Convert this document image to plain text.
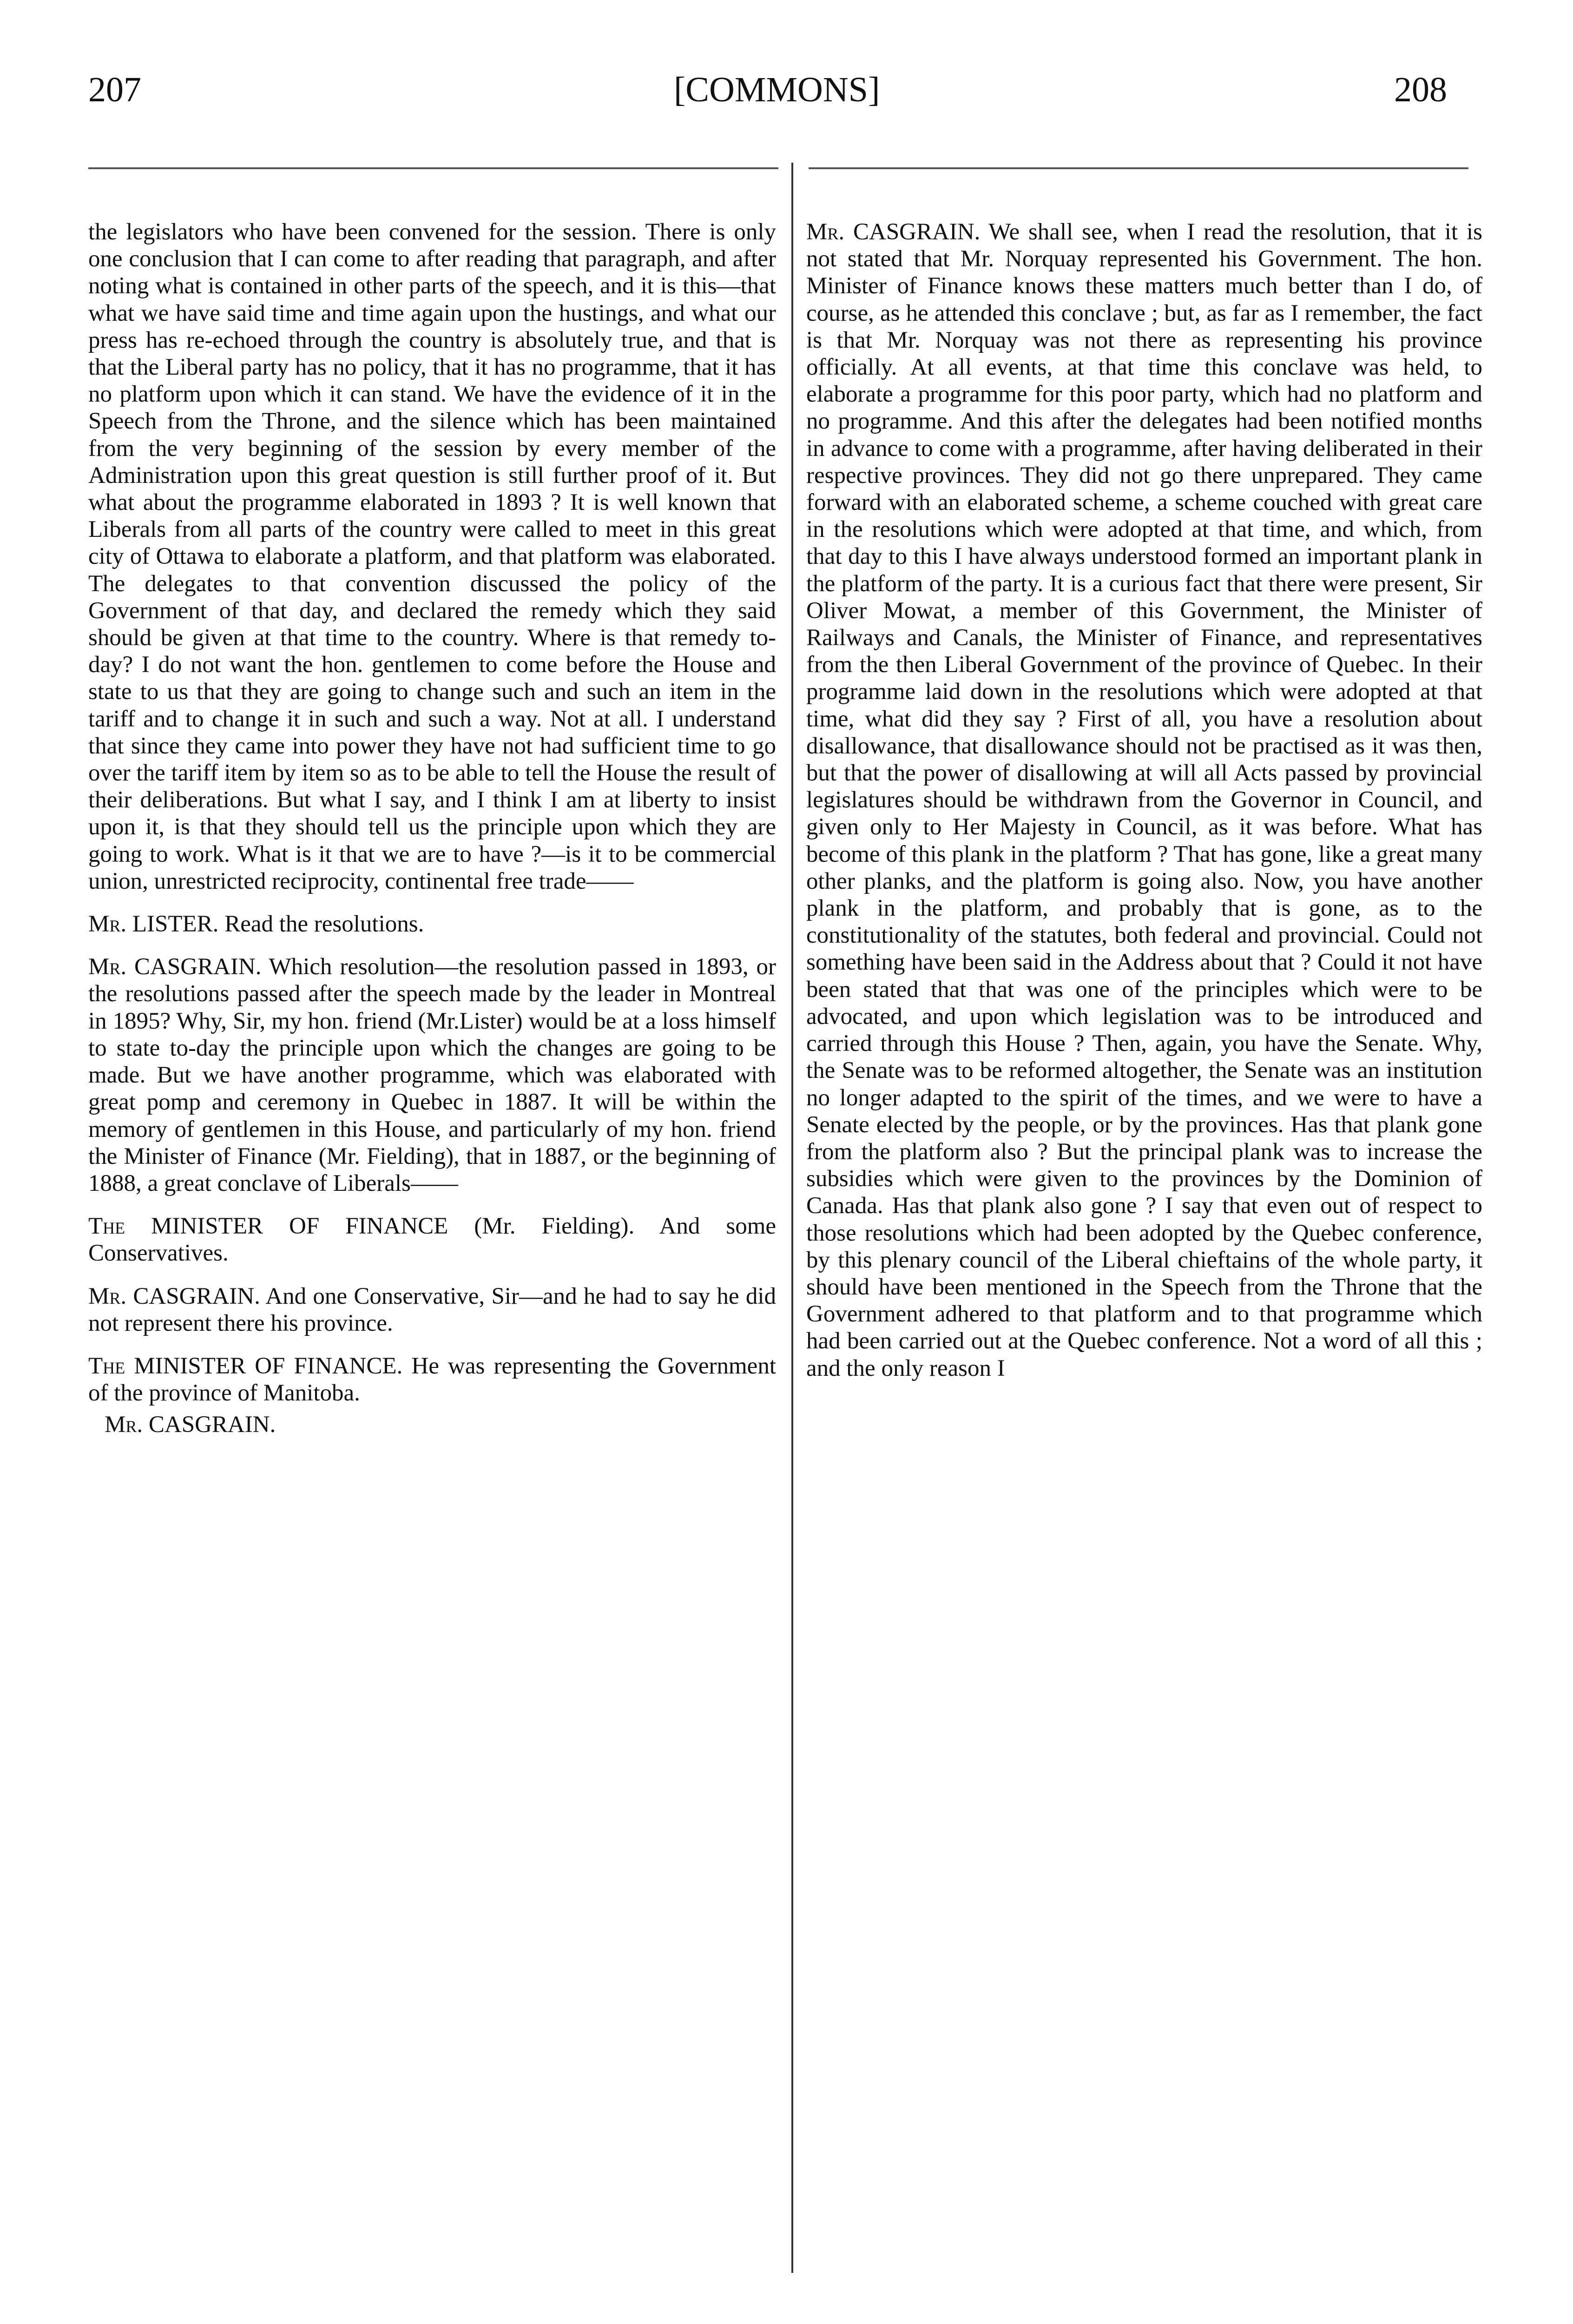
207	[COMMONS]	208

the legislators who have been convened for the session. There is only one conclusion that I can come to after reading that paragraph, and after noting what is contained in other parts of the speech, and it is this—that what we have said time and time again upon the hustings, and what our press has re-echoed through the country is absolutely true, and that is that the Liberal party has no policy, that it has no programme, that it has no platform upon which it can stand. We have the evidence of it in the Speech from the Throne, and the silence which has been maintained from the very beginning of the session by every member of the Administration upon this great question is still further proof of it. But what about the programme elaborated in 1893 ? It is well known that Liberals from all parts of the country were called to meet in this great city of Ottawa to elaborate a platform, and that platform was elaborated. The delegates to that convention discussed the policy of the Government of that day, and declared the remedy which they said should be given at that time to the country. Where is that remedy to-day? I do not want the hon. gentlemen to come before the House and state to us that they are going to change such and such an item in the tariff and to change it in such and such a way. Not at all. I understand that since they came into power they have not had sufficient time to go over the tariff item by item so as to be able to tell the House the result of their deliberations. But what I say, and I think I am at liberty to insist upon it, is that they should tell us the principle upon which they are going to work. What is it that we are to have ?—is it to be commercial union, unrestricted reciprocity, continental free trade——

Mr. LISTER. Read the resolutions.

Mr. CASGRAIN. Which resolution—the resolution passed in 1893, or the resolutions passed after the speech made by the leader in Montreal in 1895? Why, Sir, my hon. friend (Mr.Lister) would be at a loss himself to state to-day the principle upon which the changes are going to be made. But we have another programme, which was elaborated with great pomp and ceremony in Quebec in 1887. It will be within the memory of gentlemen in this House, and particularly of my hon. friend the Minister of Finance (Mr. Fielding), that in 1887, or the beginning of 1888, a great conclave of Liberals——

The MINISTER OF FINANCE (Mr. Fielding). And some Conservatives.

Mr. CASGRAIN. And one Conservative, Sir—and he had to say he did not represent there his province.

The MINISTER OF FINANCE. He was representing the Government of the province of Manitoba.

Mr. CASGRAIN.

Mr. CASGRAIN. We shall see, when I read the resolution, that it is not stated that Mr. Norquay represented his Government. The hon. Minister of Finance knows these matters much better than I do, of course, as he attended this conclave ; but, as far as I remember, the fact is that Mr. Norquay was not there as representing his province officially. At all events, at that time this conclave was held, to elaborate a programme for this poor party, which had no platform and no programme. And this after the delegates had been notified months in advance to come with a programme, after having deliberated in their respective provinces. They did not go there unprepared. They came forward with an elaborated scheme, a scheme couched with great care in the resolutions which were adopted at that time, and which, from that day to this I have always understood formed an important plank in the platform of the party. It is a curious fact that there were present, Sir Oliver Mowat, a member of this Government, the Minister of Railways and Canals, the Minister of Finance, and representatives from the then Liberal Government of the province of Quebec. In their programme laid down in the resolutions which were adopted at that time, what did they say ? First of all, you have a resolution about disallowance, that disallowance should not be practised as it was then, but that the power of disallowing at will all Acts passed by provincial legislatures should be withdrawn from the Governor in Council, and given only to Her Majesty in Council, as it was before. What has become of this plank in the platform ? That has gone, like a great many other planks, and the platform is going also. Now, you have another plank in the platform, and probably that is gone, as to the constitutionality of the statutes, both federal and provincial. Could not something have been said in the Address about that ? Could it not have been stated that that was one of the principles which were to be advocated, and upon which legislation was to be introduced and carried through this House ? Then, again, you have the Senate. Why, the Senate was to be reformed altogether, the Senate was an institution no longer adapted to the spirit of the times, and we were to have a Senate elected by the people, or by the provinces. Has that plank gone from the platform also ? But the principal plank was to increase the subsidies which were given to the provinces by the Dominion of Canada. Has that plank also gone ? I say that even out of respect to those resolutions which had been adopted by the Quebec conference, by this plenary council of the Liberal chieftains of the whole party, it should have been mentioned in the Speech from the Throne that the Government adhered to that platform and to that programme which had been carried out at the Quebec conference. Not a word of all this ; and the only reason I
